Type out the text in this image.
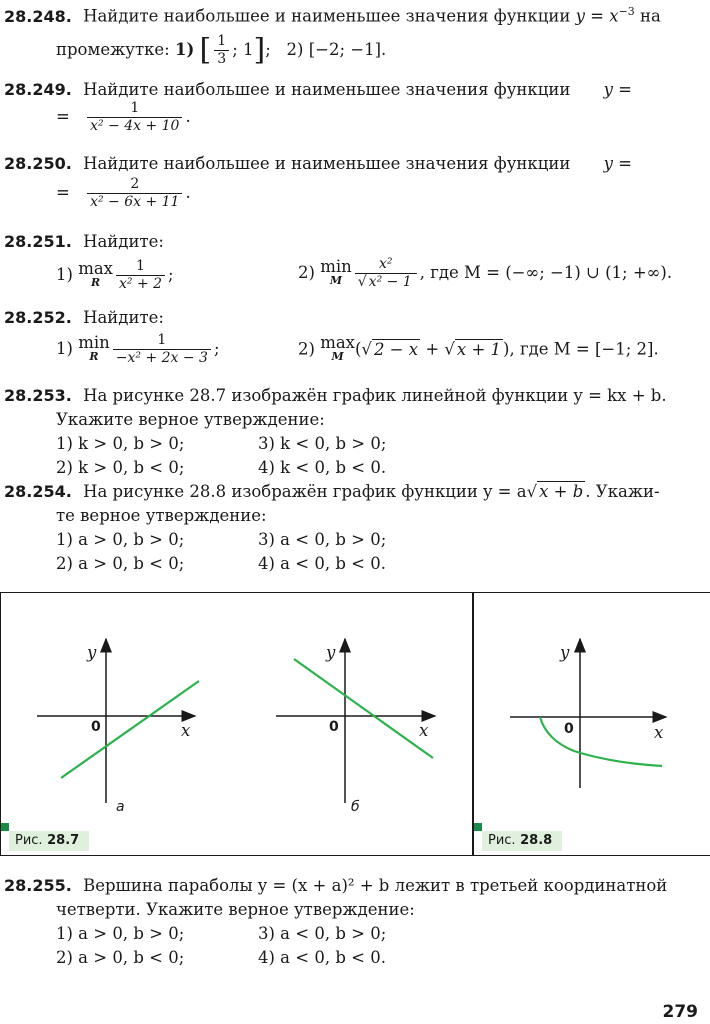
28.248. Найдите наибольшее и наименьшее значения функции $y = x^{-3}$ на
промежутке: 1) [ $\frac{1}{3}$ ; 1];   2) [−2; −1].
28.249. Найдите наибольшее и наименьшее значения функции y =
= $\frac{1}{\text{x² − 4x + 10}}$ .
28.250. Найдите наибольшее и наименьшее значения функции y =
= $\frac{2}{\text{x² − 6x + 11}}$ .
28.251. Найдите:
1) max
R	$\frac{1}{\text{x² + 2}}$ ;	2) min
M $\frac{\text{x²}}{\text{√ x² − 1}}$ , где M = (−∞; −1) ∪ (1; +∞).
28.252. Найдите:
1) min
R	$\frac{1}{\text{−x² + 2x − 3}}$ ;	2) max
M (√ 2 − x + √ x + 1 ), где M = [−1; 2].
28.253. На рисунке 28.7 изображён график линейной функции y = kx + b.
Укажите верное утверждение:
1) k > 0, b > 0;	3) k < 0, b > 0;
2) k > 0, b < 0;	4) k < 0, b < 0.
28.254. На рисунке 28.8 изображён график функции y = a√ x + b . Укажи-
те верное утверждение:
1) a > 0, b > 0;	3) a < 0, b > 0;
2) a > 0, b < 0;	4) a < 0, b < 0.
y
x
0
y
x
0
а	б
Рис. 28.7
y
x
0
Рис. 28.8
28.255. Вершина параболы y = (x + a)² + b лежит в третьей координатной
четверти. Укажите верное утверждение:
1) a > 0, b > 0;	3) a < 0, b > 0;
2) a > 0, b < 0;	4) a < 0, b < 0.
279
